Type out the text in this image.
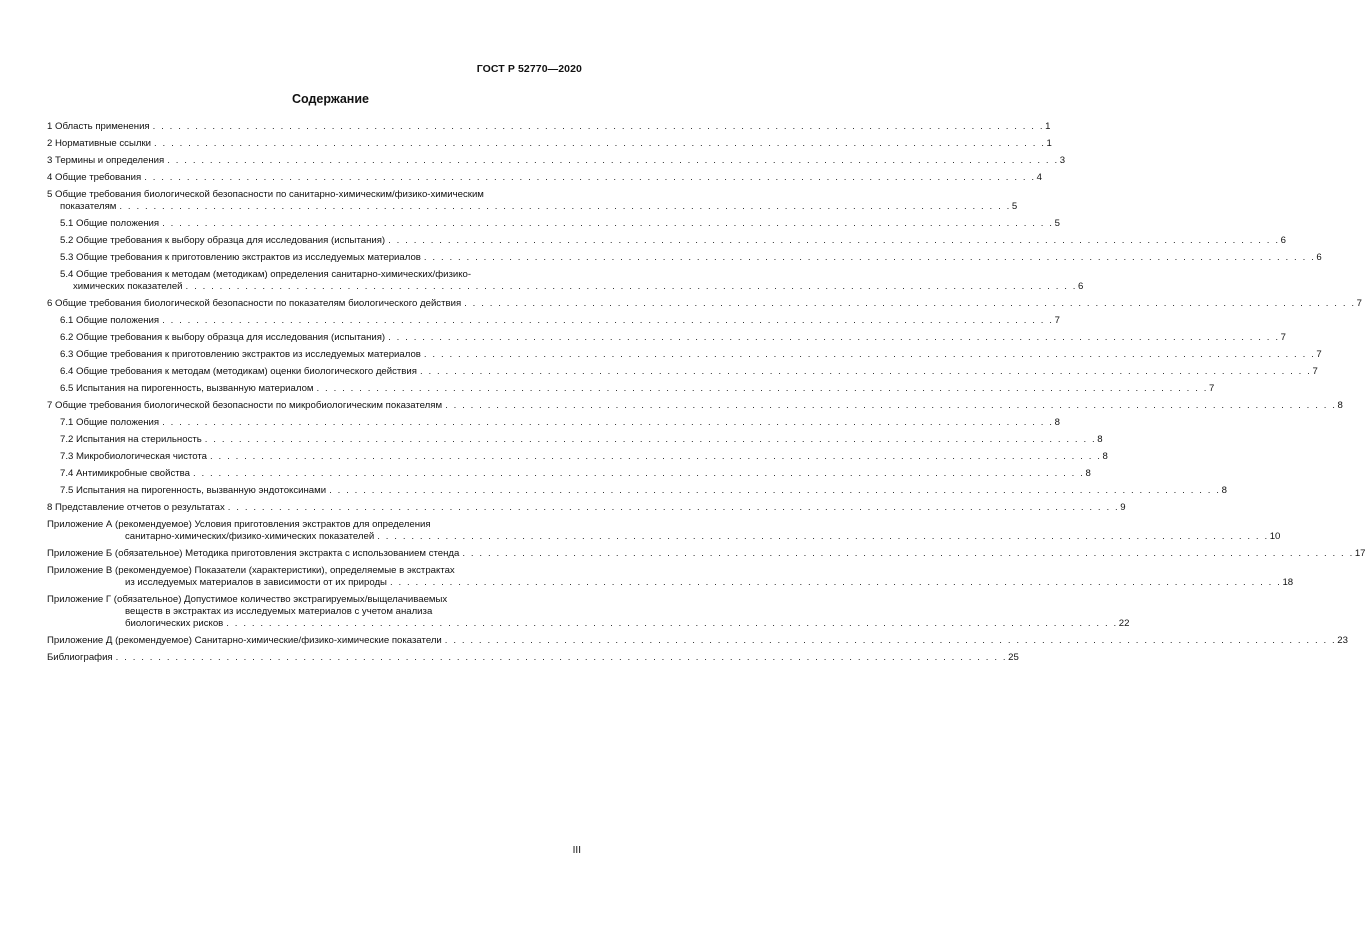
ГОСТ Р 52770—2020
Содержание
1 Область применения . . . . . . . . . . . . . . . . . . . . . . . . . . . . . . . . . . . . . . . . . . . . . . . . . . . . . . . . . . . . . . . . . . . . . . . . . . . . . . . . . . . . . . . . . . . . . . . . . . . . . . . . . 1
2 Нормативные ссылки . . . . . . . . . . . . . . . . . . . . . . . . . . . . . . . . . . . . . . . . . . . . . . . . . . . . . . . . . . . . . . . . . . . . . . . . . . . . . . . . . . . . . . . . . . . . . . . . . . . . . . . . . 1
3 Термины и определения . . . . . . . . . . . . . . . . . . . . . . . . . . . . . . . . . . . . . . . . . . . . . . . . . . . . . . . . . . . . . . . . . . . . . . . . . . . . . . . . . . . . . . . . . . . . . . . . . . . . . . . . . 3
4 Общие требования . . . . . . . . . . . . . . . . . . . . . . . . . . . . . . . . . . . . . . . . . . . . . . . . . . . . . . . . . . . . . . . . . . . . . . . . . . . . . . . . . . . . . . . . . . . . . . . . . . . . . . . . . 4
5 Общие требования биологической безопасности по санитарно-химическим/физико-химическим
показателям . . . . . . . . . . . . . . . . . . . . . . . . . . . . . . . . . . . . . . . . . . . . . . . . . . . . . . . . . . . . . . . . . . . . . . . . . . . . . . . . . . . . . . . . . . . . . . . . . . . . . . . . . 5
5.1 Общие положения . . . . . . . . . . . . . . . . . . . . . . . . . . . . . . . . . . . . . . . . . . . . . . . . . . . . . . . . . . . . . . . . . . . . . . . . . . . . . . . . . . . . . . . . . . . . . . . . . . . . . . . . . 5
5.2 Общие требования к выбору образца для исследования (испытания) . . . . . . . . . . . . . . . . . . . . . . . . . . . . . . . . . . . . . . . . . . . . . . . . . . . . . . . . . . . . . . . . . . . . . . . . . . . . . . . . . . . . . . . . . . . . . . . . . . . . . . . . . 6
5.3 Общие требования к приготовлению экстрактов из исследуемых материалов . . . . . . . . . . . . . . . . . . . . . . . . . . . . . . . . . . . . . . . . . . . . . . . . . . . . . . . . . . . . . . . . . . . . . . . . . . . . . . . . . . . . . . . . . . . . . . . . . . . . . . . . . 6
5.4 Общие требования к методам (методикам) определения санитарно-химических/физико-
химических показателей . . . . . . . . . . . . . . . . . . . . . . . . . . . . . . . . . . . . . . . . . . . . . . . . . . . . . . . . . . . . . . . . . . . . . . . . . . . . . . . . . . . . . . . . . . . . . . . . . . . . . . . . . 6
6 Общие требования биологической безопасности по показателям биологического действия . . . . . . . . . . . . . . . . . . . . . . . . . . . . . . . . . . . . . . . . . . . . . . . . . . . . . . . . . . . . . . . . . . . . . . . . . . . . . . . . . . . . . . . . . . . . . . . . . . . . . . . . . 7
6.1 Общие положения . . . . . . . . . . . . . . . . . . . . . . . . . . . . . . . . . . . . . . . . . . . . . . . . . . . . . . . . . . . . . . . . . . . . . . . . . . . . . . . . . . . . . . . . . . . . . . . . . . . . . . . . . 7
6.2 Общие требования к выбору образца для исследования (испытания) . . . . . . . . . . . . . . . . . . . . . . . . . . . . . . . . . . . . . . . . . . . . . . . . . . . . . . . . . . . . . . . . . . . . . . . . . . . . . . . . . . . . . . . . . . . . . . . . . . . . . . . . . 7
6.3 Общие требования к приготовлению экстрактов из исследуемых материалов . . . . . . . . . . . . . . . . . . . . . . . . . . . . . . . . . . . . . . . . . . . . . . . . . . . . . . . . . . . . . . . . . . . . . . . . . . . . . . . . . . . . . . . . . . . . . . . . . . . . . . . . . 7
6.4 Общие требования к методам (методикам) оценки биологического действия . . . . . . . . . . . . . . . . . . . . . . . . . . . . . . . . . . . . . . . . . . . . . . . . . . . . . . . . . . . . . . . . . . . . . . . . . . . . . . . . . . . . . . . . . . . . . . . . . . . . . . . . . 7
6.5 Испытания на пирогенность, вызванную материалом . . . . . . . . . . . . . . . . . . . . . . . . . . . . . . . . . . . . . . . . . . . . . . . . . . . . . . . . . . . . . . . . . . . . . . . . . . . . . . . . . . . . . . . . . . . . . . . . . . . . . . . . . 7
7 Общие требования биологической безопасности по микробиологическим показателям . . . . . . . . . . . . . . . . . . . . . . . . . . . . . . . . . . . . . . . . . . . . . . . . . . . . . . . . . . . . . . . . . . . . . . . . . . . . . . . . . . . . . . . . . . . . . . . . . . . . . . . . . 8
7.1 Общие положения . . . . . . . . . . . . . . . . . . . . . . . . . . . . . . . . . . . . . . . . . . . . . . . . . . . . . . . . . . . . . . . . . . . . . . . . . . . . . . . . . . . . . . . . . . . . . . . . . . . . . . . . . 8
7.2 Испытания на стерильность . . . . . . . . . . . . . . . . . . . . . . . . . . . . . . . . . . . . . . . . . . . . . . . . . . . . . . . . . . . . . . . . . . . . . . . . . . . . . . . . . . . . . . . . . . . . . . . . . . . . . . . . . 8
7.3 Микробиологическая чистота . . . . . . . . . . . . . . . . . . . . . . . . . . . . . . . . . . . . . . . . . . . . . . . . . . . . . . . . . . . . . . . . . . . . . . . . . . . . . . . . . . . . . . . . . . . . . . . . . . . . . . . . . 8
7.4 Антимикробные свойства . . . . . . . . . . . . . . . . . . . . . . . . . . . . . . . . . . . . . . . . . . . . . . . . . . . . . . . . . . . . . . . . . . . . . . . . . . . . . . . . . . . . . . . . . . . . . . . . . . . . . . . . . 8
7.5 Испытания на пирогенность, вызванную эндотоксинами . . . . . . . . . . . . . . . . . . . . . . . . . . . . . . . . . . . . . . . . . . . . . . . . . . . . . . . . . . . . . . . . . . . . . . . . . . . . . . . . . . . . . . . . . . . . . . . . . . . . . . . . . 8
8 Представление отчетов о результатах . . . . . . . . . . . . . . . . . . . . . . . . . . . . . . . . . . . . . . . . . . . . . . . . . . . . . . . . . . . . . . . . . . . . . . . . . . . . . . . . . . . . . . . . . . . . . . . . . . . . . . . . . 9
Приложение А (рекомендуемое) Условия приготовления экстрактов для определения
санитарно-химических/физико-химических показателей . . . . . . . . . . . . . . . . . . . . . . . . . . . . . . . . . . . . . . . . . . . . . . . . . . . . . . . . . . . . . . . . . . . . . . . . . . . . . . . . . . . . . . . . . . . . . . . . . . . . . . . . . 10
Приложение Б (обязательное) Методика приготовления экстракта с использованием стенда . . . . . . . . . . . . . . . . . . . . . . . . . . . . . . . . . . . . . . . . . . . . . . . . . . . . . . . . . . . . . . . . . . . . . . . . . . . . . . . . . . . . . . . . . . . . . . . . . . . . . . . . . 17
Приложение В (рекомендуемое) Показатели (характеристики), определяемые в экстрактах
из исследуемых материалов в зависимости от их природы . . . . . . . . . . . . . . . . . . . . . . . . . . . . . . . . . . . . . . . . . . . . . . . . . . . . . . . . . . . . . . . . . . . . . . . . . . . . . . . . . . . . . . . . . . . . . . . . . . . . . . . . . 18
Приложение Г (обязательное) Допустимое количество экстрагируемых/выщелачиваемых
веществ в экстрактах из исследуемых материалов с учетом анализа
биологических рисков . . . . . . . . . . . . . . . . . . . . . . . . . . . . . . . . . . . . . . . . . . . . . . . . . . . . . . . . . . . . . . . . . . . . . . . . . . . . . . . . . . . . . . . . . . . . . . . . . . . . . . . . . 22
Приложение Д (рекомендуемое) Санитарно-химические/физико-химические показатели . . . . . . . . . . . . . . . . . . . . . . . . . . . . . . . . . . . . . . . . . . . . . . . . . . . . . . . . . . . . . . . . . . . . . . . . . . . . . . . . . . . . . . . . . . . . . . . . . . . . . . . . . 23
Библиография . . . . . . . . . . . . . . . . . . . . . . . . . . . . . . . . . . . . . . . . . . . . . . . . . . . . . . . . . . . . . . . . . . . . . . . . . . . . . . . . . . . . . . . . . . . . . . . . . . . . . . . . . 25
III
